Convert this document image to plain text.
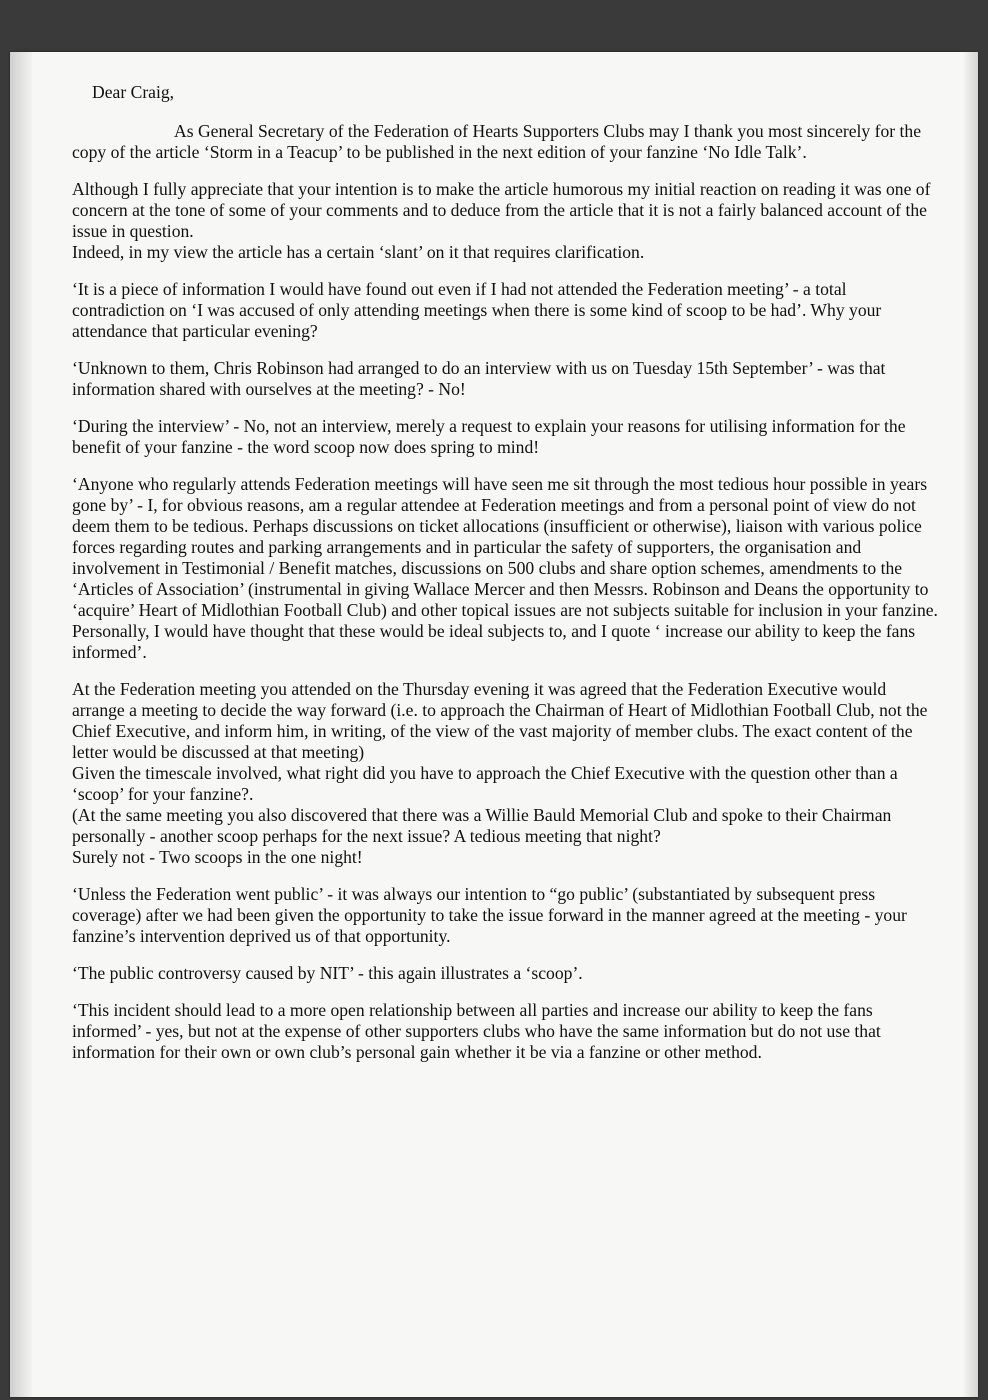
Dear Craig,

As General Secretary of the Federation of Hearts Supporters Clubs may I thank you most sincerely for the copy of the article ‘Storm in a Teacup’ to be published in the next edition of your fanzine ‘No Idle Talk’.

Although I fully appreciate that your intention is to make the article humorous my initial reaction on reading it was one of concern at the tone of some of your comments and to deduce from the article that it is not a fairly balanced account of the issue in question.

Indeed, in my view the article has a certain ‘slant’ on it that requires clarification.

‘It is a piece of information I would have found out even if I had not attended the Federation meeting’ - a total contradiction on ‘I was accused of only attending meetings when there is some kind of scoop to be had’. Why your attendance that particular evening?

‘Unknown to them, Chris Robinson had arranged to do an interview with us on Tuesday 15th September’ - was that information shared with ourselves at the meeting? - No!

‘During the interview’ - No, not an interview, merely a request to explain your reasons for utilising information for the benefit of your fanzine - the word scoop now does spring to mind!

‘Anyone who regularly attends Federation meetings will have seen me sit through the most tedious hour possible in years gone by’ - I, for obvious reasons, am a regular attendee at Federation meetings and from a personal point of view do not deem them to be tedious. Perhaps discussions on ticket allocations (insufficient or otherwise), liaison with various police forces regarding routes and parking arrangements and in particular the safety of supporters, the organisation and involvement in Testimonial / Benefit matches, discussions on 500 clubs and share option schemes, amendments to the ‘Articles of Association’ (instrumental in giving Wallace Mercer and then Messrs. Robinson and Deans the opportunity to ‘acquire’ Heart of Midlothian Football Club) and other topical issues are not subjects suitable for inclusion in your fanzine.

Personally, I would have thought that these would be ideal subjects to, and I quote ‘ increase our ability to keep the fans informed’.

At the Federation meeting you attended on the Thursday evening it was agreed that the Federation Executive would arrange a meeting to decide the way forward (i.e. to approach the Chairman of Heart of Midlothian Football Club, not the Chief Executive, and inform him, in writing, of the view of the vast majority of member clubs. The exact content of the letter would be discussed at that meeting)

Given the timescale involved, what right did you have to approach the Chief Executive with the question other than a ‘scoop’ for your fanzine?.

(At the same meeting you also discovered that there was a Willie Bauld Memorial Club and spoke to their Chairman personally - another scoop perhaps for the next issue? A tedious meeting that night?

Surely not - Two scoops in the one night!

‘Unless the Federation went public’ - it was always our intention to “go public’ (substantiated by subsequent press coverage) after we had been given the opportunity to take the issue forward in the manner agreed at the meeting - your fanzine’s intervention deprived us of that opportunity.

‘The public controversy caused by NIT’ - this again illustrates a ‘scoop’.

‘This incident should lead to a more open relationship between all parties and increase our ability to keep the fans informed’ - yes, but not at the expense of other supporters clubs who have the same information but do not use that information for their own or own club’s personal gain whether it be via a fanzine or other method.
